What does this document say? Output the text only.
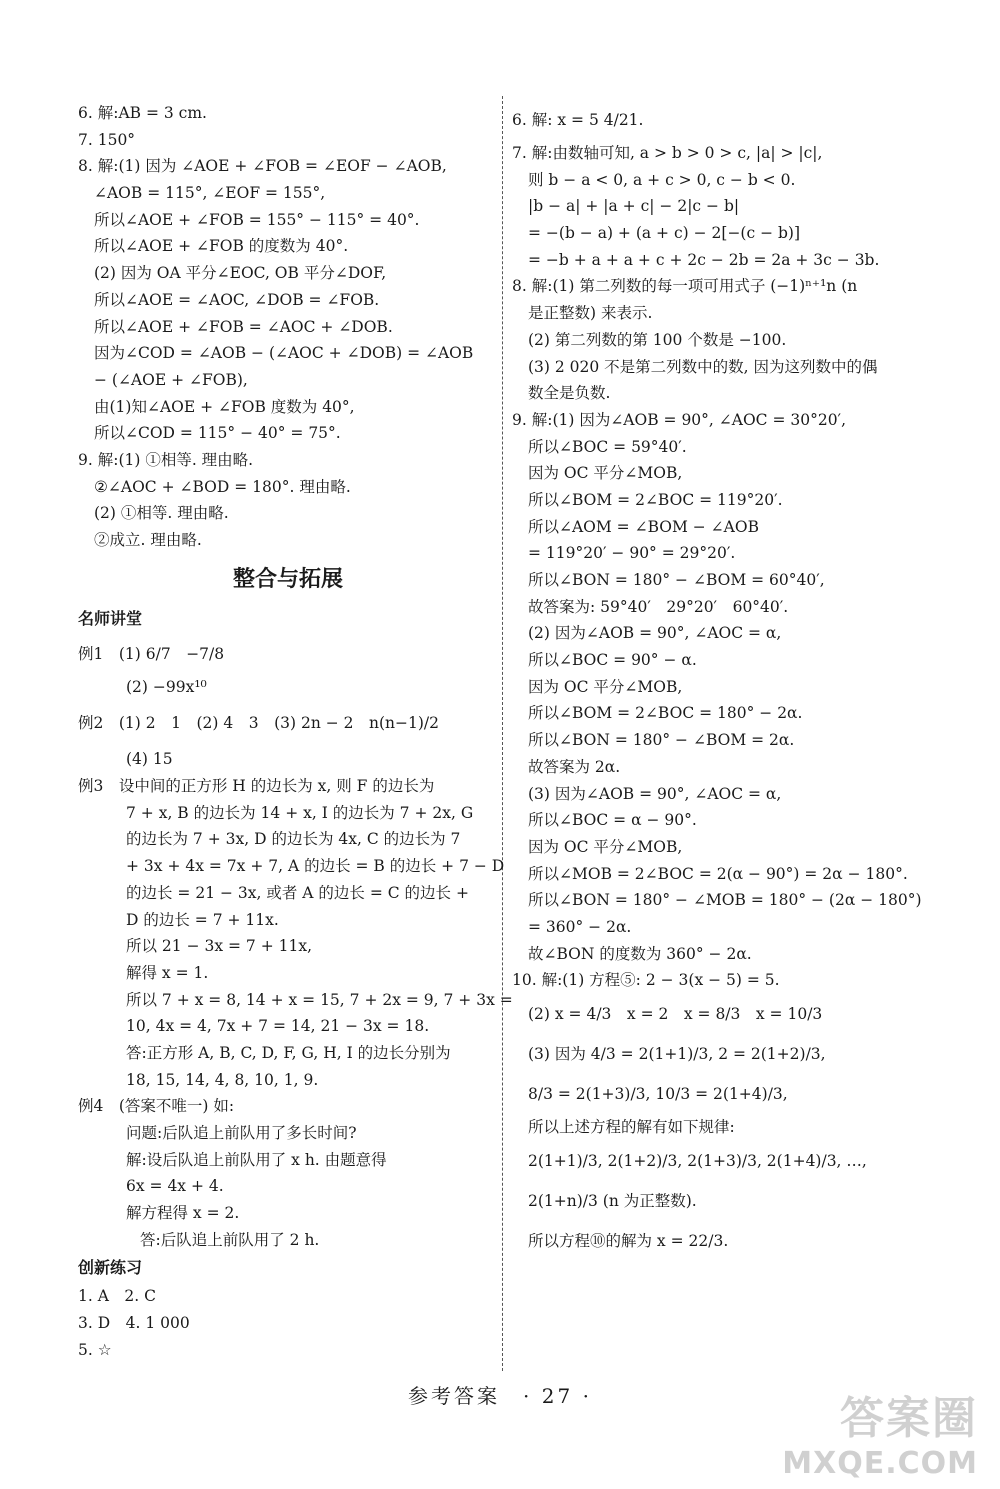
6. 解:AB = 3 cm.
7. 150°
8. 解:(1) 因为 ∠AOE + ∠FOB = ∠EOF − ∠AOB,
∠AOB = 115°, ∠EOF = 155°,
所以∠AOE + ∠FOB = 155° − 115° = 40°.
所以∠AOE + ∠FOB 的度数为 40°.
(2) 因为 OA 平分∠EOC, OB 平分∠DOF,
所以∠AOE = ∠AOC, ∠DOB = ∠FOB.
所以∠AOE + ∠FOB = ∠AOC + ∠DOB.
因为∠COD = ∠AOB − (∠AOC + ∠DOB) = ∠AOB
− (∠AOE + ∠FOB),
由(1)知∠AOE + ∠FOB 度数为 40°,
所以∠COD = 115° − 40° = 75°.
9. 解:(1) ①相等. 理由略.
②∠AOC + ∠BOD = 180°. 理由略.
(2) ①相等. 理由略.
②成立. 理由略.
整合与拓展
名师讲堂
例1　(1) 6/7　−7/8
(2) −99x¹⁰
例2　(1) 2　1　(2) 4　3　(3) 2n − 2　n(n−1)/2
(4) 15
例3　设中间的正方形 H 的边长为 x, 则 F 的边长为
7 + x, B 的边长为 14 + x, I 的边长为 7 + 2x, G
的边长为 7 + 3x, D 的边长为 4x, C 的边长为 7
+ 3x + 4x = 7x + 7, A 的边长 = B 的边长 + 7 − D
的边长 = 21 − 3x, 或者 A 的边长 = C 的边长 +
D 的边长 = 7 + 11x.
所以 21 − 3x = 7 + 11x,
解得 x = 1.
所以 7 + x = 8, 14 + x = 15, 7 + 2x = 9, 7 + 3x =
10, 4x = 4, 7x + 7 = 14, 21 − 3x = 18.
答:正方形 A, B, C, D, F, G, H, I 的边长分别为
18, 15, 14, 4, 8, 10, 1, 9.
例4　(答案不唯一) 如:
问题:后队追上前队用了多长时间?
解:设后队追上前队用了 x h. 由题意得
6x = 4x + 4.
解方程得 x = 2.
答:后队追上前队用了 2 h.
创新练习
1. A　2. C
3. D　4. 1 000
5. ☆
6. 解: x = 5 4/21.
7. 解:由数轴可知, a > b > 0 > c, |a| > |c|,
则 b − a < 0, a + c > 0, c − b < 0.
|b − a| + |a + c| − 2|c − b|
= −(b − a) + (a + c) − 2[−(c − b)]
= −b + a + a + c + 2c − 2b = 2a + 3c − 3b.
8. 解:(1) 第二列数的每一项可用式子 (−1)ⁿ⁺¹n (n
是正整数) 来表示.
(2) 第二列数的第 100 个数是 −100.
(3) 2 020 不是第二列数中的数, 因为这列数中的偶
数全是负数.
9. 解:(1) 因为∠AOB = 90°, ∠AOC = 30°20′,
所以∠BOC = 59°40′.
因为 OC 平分∠MOB,
所以∠BOM = 2∠BOC = 119°20′.
所以∠AOM = ∠BOM − ∠AOB
= 119°20′ − 90° = 29°20′.
所以∠BON = 180° − ∠BOM = 60°40′,
故答案为: 59°40′　29°20′　60°40′.
(2) 因为∠AOB = 90°, ∠AOC = α,
所以∠BOC = 90° − α.
因为 OC 平分∠MOB,
所以∠BOM = 2∠BOC = 180° − 2α.
所以∠BON = 180° − ∠BOM = 2α.
故答案为 2α.
(3) 因为∠AOB = 90°, ∠AOC = α,
所以∠BOC = α − 90°.
因为 OC 平分∠MOB,
所以∠MOB = 2∠BOC = 2(α − 90°) = 2α − 180°.
所以∠BON = 180° − ∠MOB = 180° − (2α − 180°)
= 360° − 2α.
故∠BON 的度数为 360° − 2α.
10. 解:(1) 方程⑤: 2 − 3(x − 5) = 5.
(2) x = 4/3　x = 2　x = 8/3　x = 10/3
(3) 因为 4/3 = 2(1+1)/3, 2 = 2(1+2)/3,
8/3 = 2(1+3)/3, 10/3 = 2(1+4)/3,
所以上述方程的解有如下规律:
2(1+1)/3, 2(1+2)/3, 2(1+3)/3, 2(1+4)/3, …,
2(1+n)/3 (n 为正整数).
所以方程⑩的解为 x = 22/3.
参考答案　· 27 ·	答案圈
MXQE.COM
